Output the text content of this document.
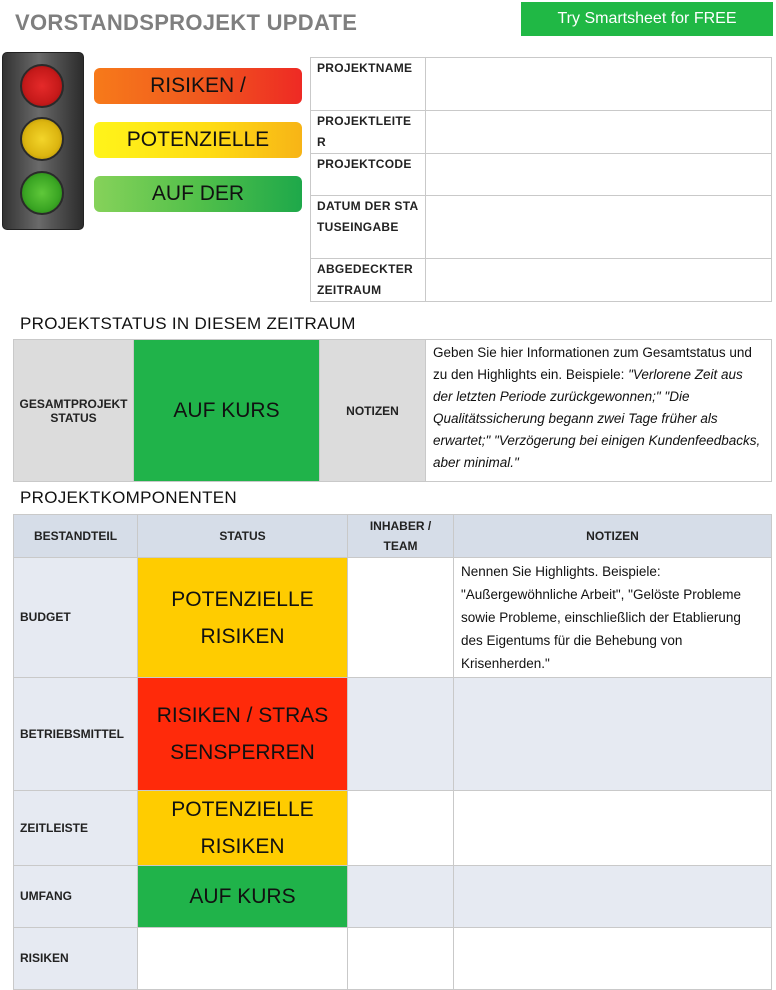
VORSTANDSPROJEKT UPDATE	Try Smartsheet for FREE
RISIKEN /
POTENZIELLE
AUF DER
PROJEKTNAME	
PROJEKTLEITER	
PROJEKTCODE	
DATUM DER STATUSEINGABE	
ABGEDECKTER ZEITRAUM	
PROJEKTSTATUS IN DIESEM ZEITRAUM
GESAMTPROJEKTSTATUS	AUF KURS	NOTIZEN	Geben Sie hier Informationen zum Gesamtstatus und zu den Highlights ein. Beispiele: "Verlorene Zeit aus der letzten Periode zurückgewonnen;" "Die Qualitätssicherung begann zwei Tage früher als erwartet;" "Verzögerung bei einigen Kundenfeedbacks, aber minimal."
PROJEKTKOMPONENTEN
BESTANDTEIL	STATUS	INHABER / TEAM	NOTIZEN
BUDGET	POTENZIELLE RISIKEN		Nennen Sie Highlights. Beispiele: "Außergewöhnliche Arbeit", "Gelöste Probleme sowie Probleme, einschließlich der Etablierung des Eigentums für die Behebung von Krisenherden."
BETRIEBSMITTEL	RISIKEN / STRASSENSPERREN		
ZEITLEISTE	POTENZIELLE RISIKEN		
UMFANG	AUF KURS		
RISIKEN			
